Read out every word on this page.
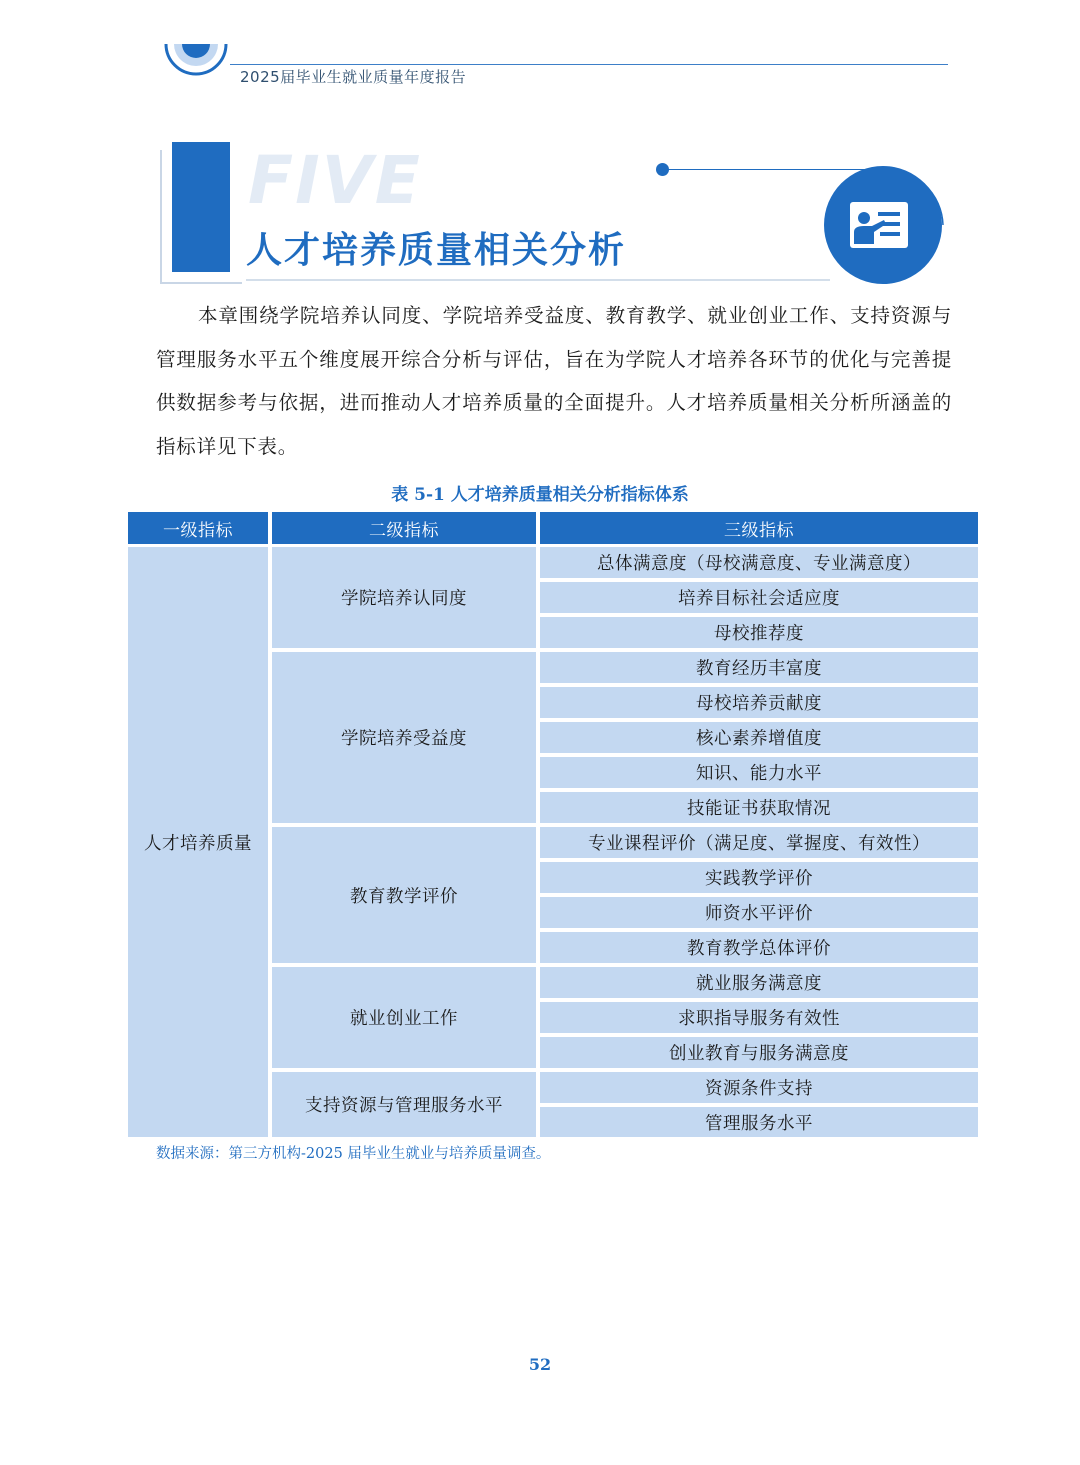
2025届毕业生就业质量年度报告
FIVE
人才培养质量相关分析

本章围绕学院培养认同度、学院培养受益度、教育教学、就业创业工作、支持资源与管理服务水平五个维度展开综合分析与评估，旨在为学院人才培养各环节的优化与完善提供数据参考与依据，进而推动人才培养质量的全面提升。人才培养质量相关分析所涵盖的指标详见下表。

表 5-1 人才培养质量相关分析指标体系
一级指标	二级指标	三级指标
人才培养质量
学院培养认同度
学院培养受益度
教育教学评价
就业创业工作
支持资源与管理服务水平
总体满意度（母校满意度、专业满意度）
培养目标社会适应度
母校推荐度
教育经历丰富度
母校培养贡献度
核心素养增值度
知识、能力水平
技能证书获取情况
专业课程评价（满足度、掌握度、有效性）
实践教学评价
师资水平评价
教育教学总体评价
就业服务满意度
求职指导服务有效性
创业教育与服务满意度
资源条件支持
管理服务水平
数据来源：第三方机构-2025 届毕业生就业与培养质量调查。
52
